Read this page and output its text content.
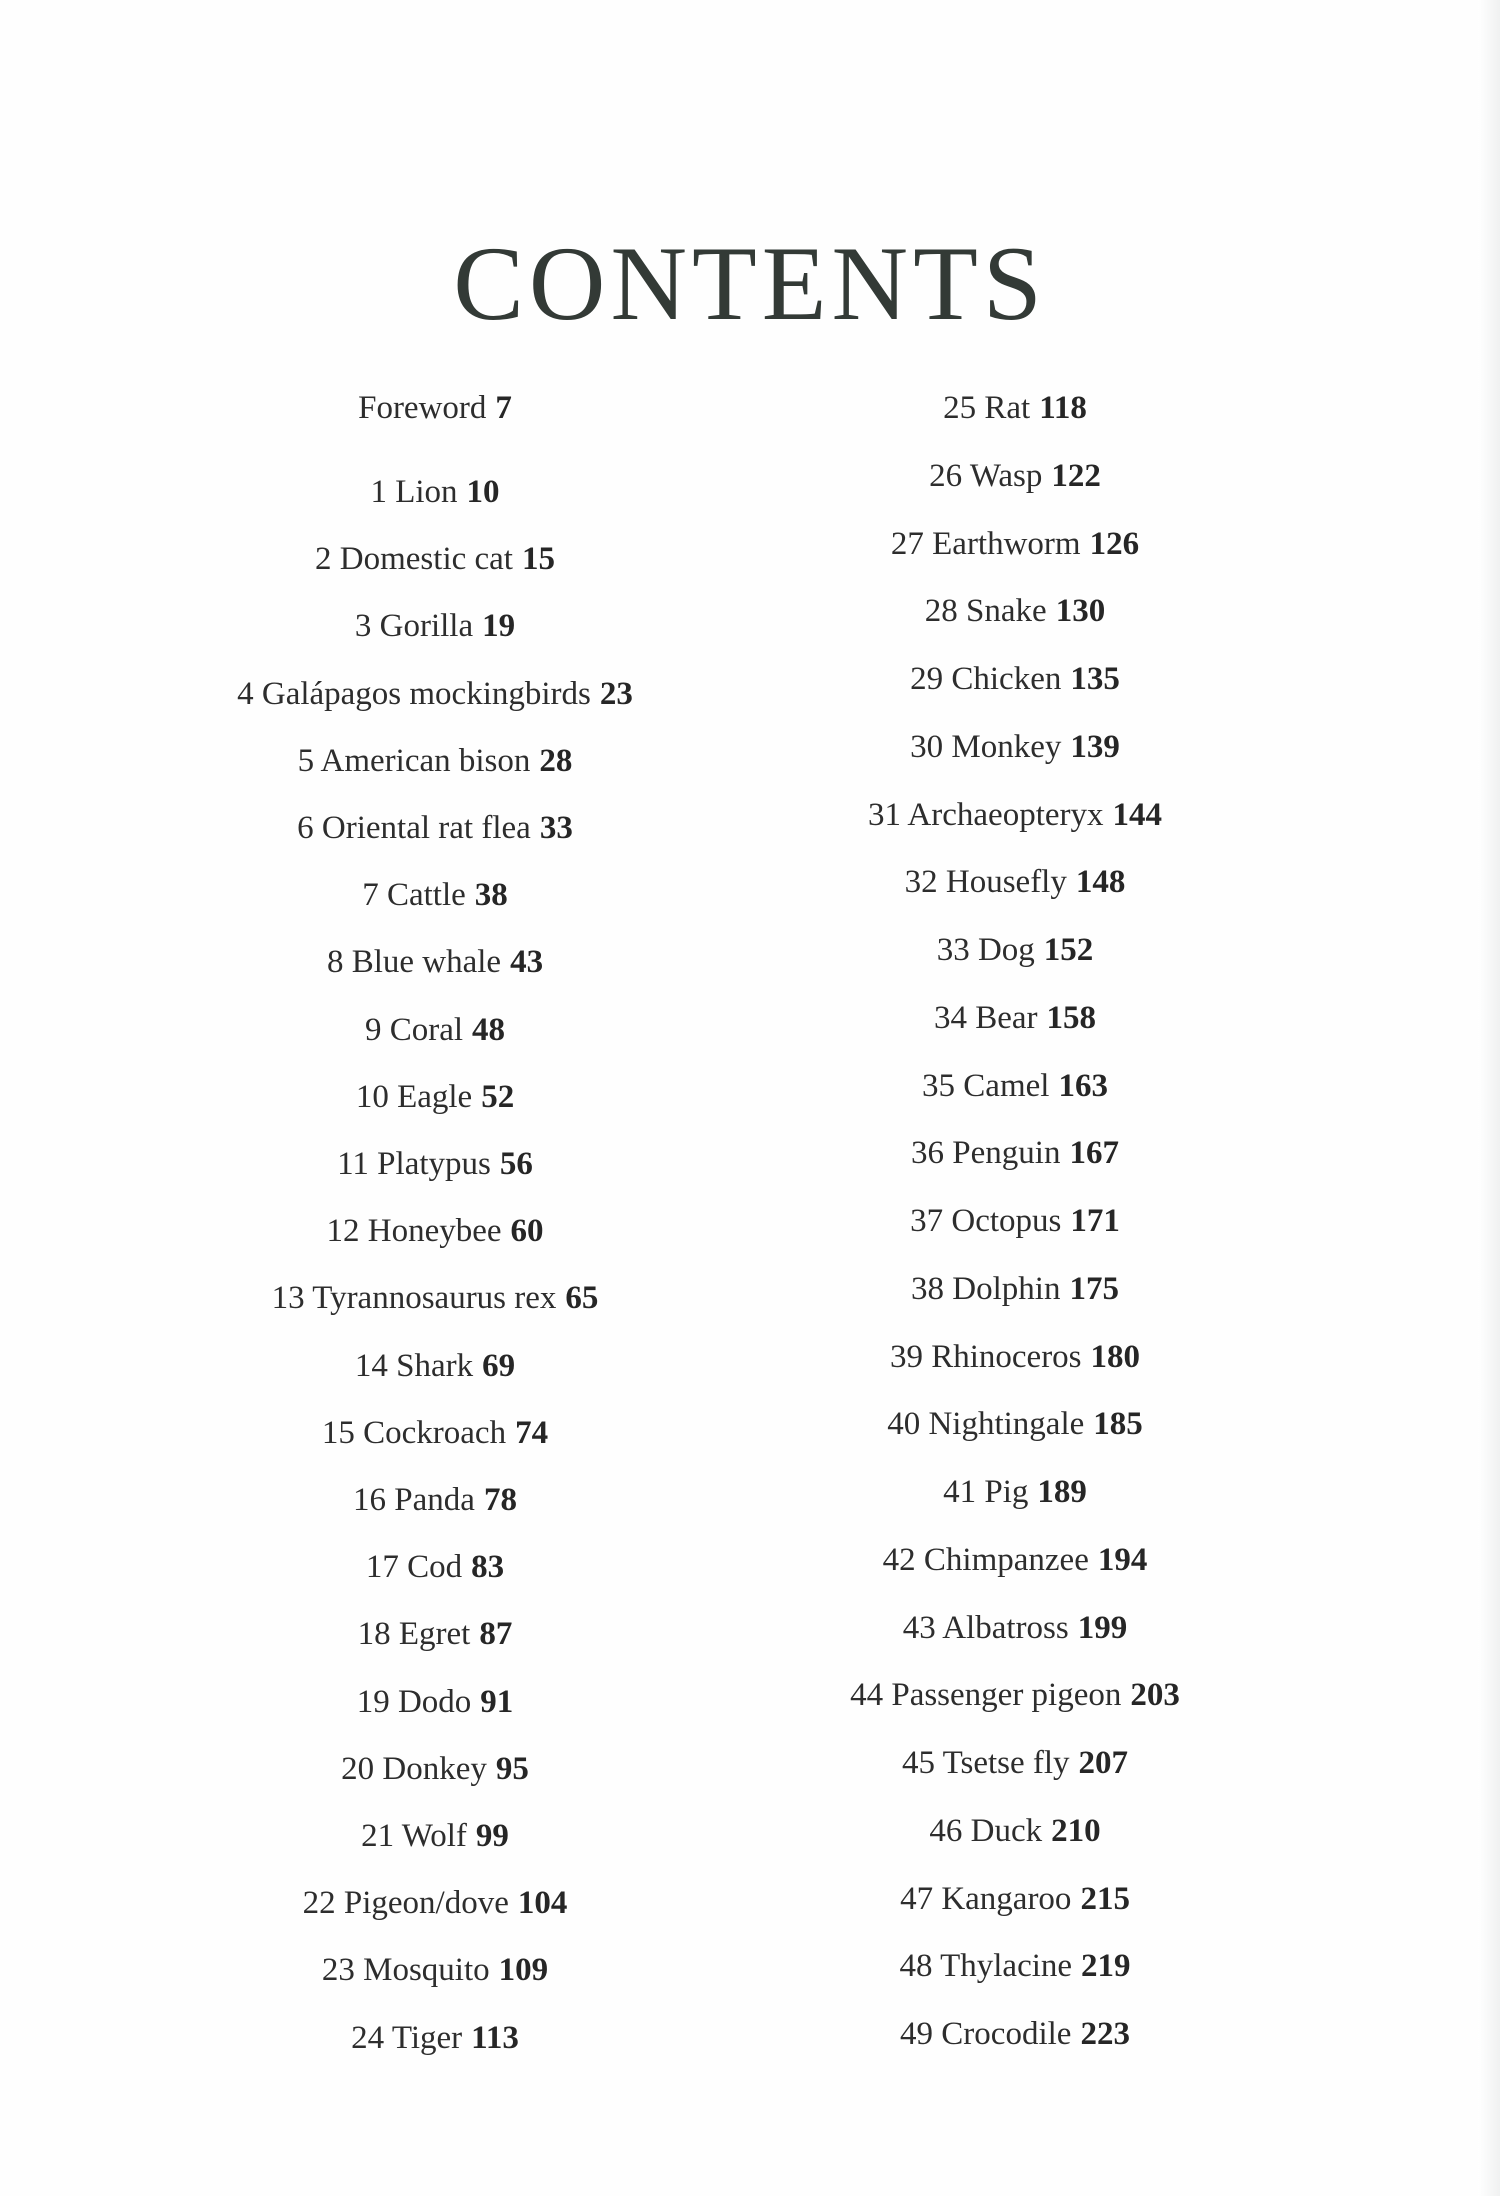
CONTENTS
Foreword 7
1 Lion 10
2 Domestic cat 15
3 Gorilla 19
4 Galápagos mockingbirds 23
5 American bison 28
6 Oriental rat flea 33
7 Cattle 38
8 Blue whale 43
9 Coral 48
10 Eagle 52
11 Platypus 56
12 Honeybee 60
13 Tyrannosaurus rex 65
14 Shark 69
15 Cockroach 74
16 Panda 78
17 Cod 83
18 Egret 87
19 Dodo 91
20 Donkey 95
21 Wolf 99
22 Pigeon/dove 104
23 Mosquito 109
24 Tiger 113
25 Rat 118
26 Wasp 122
27 Earthworm 126
28 Snake 130
29 Chicken 135
30 Monkey 139
31 Archaeopteryx 144
32 Housefly 148
33 Dog 152
34 Bear 158
35 Camel 163
36 Penguin 167
37 Octopus 171
38 Dolphin 175
39 Rhinoceros 180
40 Nightingale 185
41 Pig 189
42 Chimpanzee 194
43 Albatross 199
44 Passenger pigeon 203
45 Tsetse fly 207
46 Duck 210
47 Kangaroo 215
48 Thylacine 219
49 Crocodile 223
